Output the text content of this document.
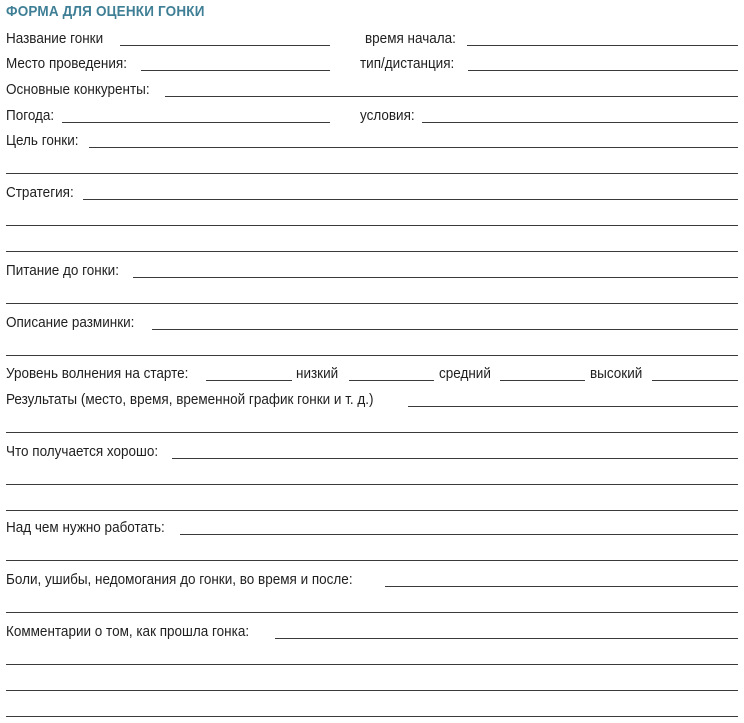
ФОРМА ДЛЯ ОЦЕНКИ ГОНКИ
Название гонки	время начала:
Место проведения:	тип/дистанция:
Основные конкуренты:
Погода:	условия:
Цель гонки:
Стратегия:
Питание до гонки:
Описание разминки:
Уровень волнения на старте:	низкий	средний	высокий
Результаты (место, время, временной график гонки и т. д.)
Что получается хорошо:
Над чем нужно работать:
Боли, ушибы, недомогания до гонки, во время и после:
Комментарии о том, как прошла гонка:
